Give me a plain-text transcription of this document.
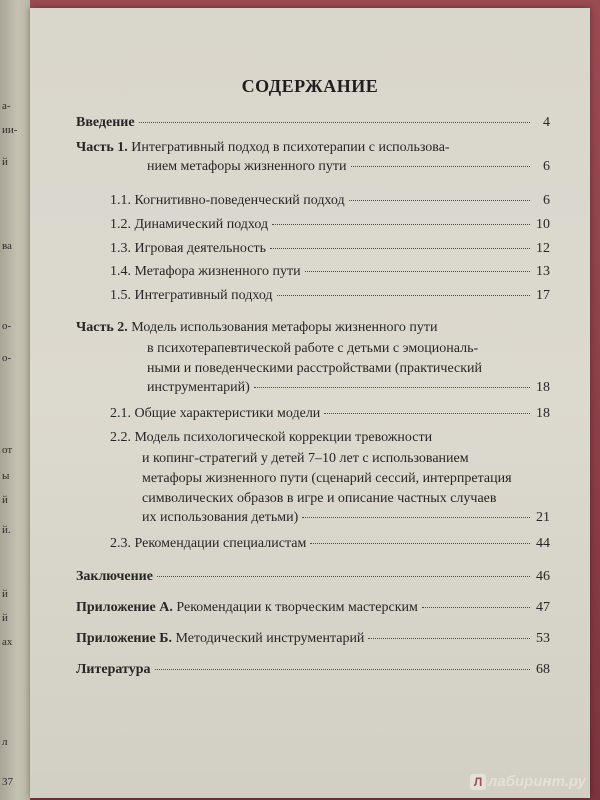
а-
ии-
й
ва
о-
о-
от
ы
й
й.
й
й
ах
л
37
СОДЕРЖАНИЕ
Введение	4
Часть 1. Интегративный подход в психотерапии с использова-
нием метафоры жизненного пути	6
1.1. Когнитивно-поведенческий подход	6
1.2. Динамический подход	10
1.3. Игровая деятельность	12
1.4. Метафора жизненного пути	13
1.5. Интегративный подход	17
Часть 2. Модель использования метафоры жизненного пути
в психотерапевтической работе с детьми с эмоциональ-
ными и поведенческими расстройствами (практический
инструментарий)	18
2.1. Общие характеристики модели	18
2.2. Модель психологической коррекции тревожности
и копинг-стратегий у детей 7–10 лет с использованием
метафоры жизненного пути (сценарий сессий, интерпретация
символических образов в игре и описание частных случаев
их использования детьми)	21
2.3. Рекомендации специалистам	44
Заключение	46
Приложение А. Рекомендации к творческим мастерским	47
Приложение Б. Методический инструментарий	53
Литература	68
Л лабиринт.ру
